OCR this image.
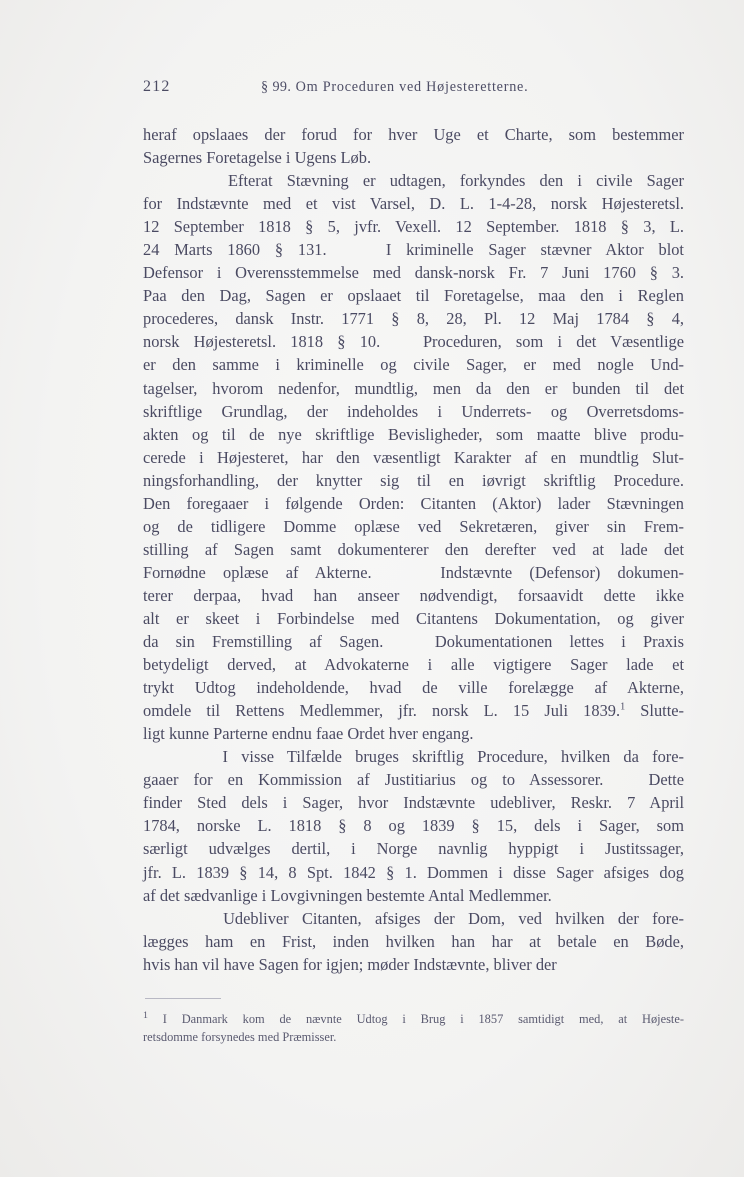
212	§ 99. Om Proceduren ved Højesteretterne.

heraf opslaaes der forud for hver Uge et Charte, som bestemmer
Sagernes Foretagelse i Ugens Løb.

Efterat Stævning er udtagen, forkyndes den i civile Sager
for Indstævnte med et vist Varsel, D. L. 1-4-28, norsk Højesteretsl.
12 September 1818 § 5, jvfr. Vexell. 12 September. 1818 § 3, L.
24 Marts 1860 § 131.    I kriminelle Sager stævner Aktor blot
Defensor i Overensstemmelse med dansk-norsk Fr. 7 Juni 1760 § 3.
Paa den Dag, Sagen er opslaaet til Foretagelse, maa den i Reglen
procederes, dansk Instr. 1771 § 8, 28, Pl. 12 Maj 1784 § 4,
norsk Højesteretsl. 1818 § 10.   Proceduren, som i det Væsentlige
er den samme i kriminelle og civile Sager, er med nogle Und-
tagelser, hvorom nedenfor, mundtlig, men da den er bunden til det
skriftlige Grundlag, der indeholdes i Underrets- og Overretsdoms-
akten og til de nye skriftlige Bevisligheder, som maatte blive produ-
cerede i Højesteret, har den væsentligt Karakter af en mundtlig Slut-
ningsforhandling, der knytter sig til en iøvrigt skriftlig Procedure.
Den foregaaer i følgende Orden: Citanten (Aktor) lader Stævningen
og de tidligere Domme oplæse ved Sekretæren, giver sin Frem-
stilling af Sagen samt dokumenterer den derefter ved at lade det
Fornødne oplæse af Akterne.    Indstævnte (Defensor) dokumen-
terer derpaa, hvad han anseer nødvendigt, forsaavidt dette ikke
alt er skeet i Forbindelse med Citantens Dokumentation, og giver
da sin Fremstilling af Sagen.   Dokumentationen lettes i Praxis
betydeligt derved, at Advokaterne i alle vigtigere Sager lade et
trykt Udtog indeholdende, hvad de ville forelægge af Akterne,
omdele til Rettens Medlemmer, jfr. norsk L. 15 Juli 1839.$^1$ Slutte-
ligt kunne Parterne endnu faae Ordet hver engang.

I visse Tilfælde bruges skriftlig Procedure, hvilken da fore-
gaaer for en Kommission af Justitiarius og to Assessorer.   Dette
finder Sted dels i Sager, hvor Indstævnte udebliver, Reskr. 7 April
1784, norske L. 1818 § 8 og 1839 § 15, dels i Sager, som
særligt udvælges dertil, i Norge navnlig hyppigt i Justitssager,
jfr. L. 1839 § 14, 8 Spt. 1842 § 1. Dommen i disse Sager afsiges dog
af det sædvanlige i Lovgivningen bestemte Antal Medlemmer.

Udebliver Citanten, afsiges der Dom, ved hvilken der fore-
lægges ham en Frist, inden hvilken han har at betale en Bøde,
hvis han vil have Sagen for igjen; møder Indstævnte, bliver der

$^1$ I Danmark kom de nævnte Udtog i Brug i 1857 samtidigt med, at Højeste-
retsdomme forsynedes med Præmisser.
